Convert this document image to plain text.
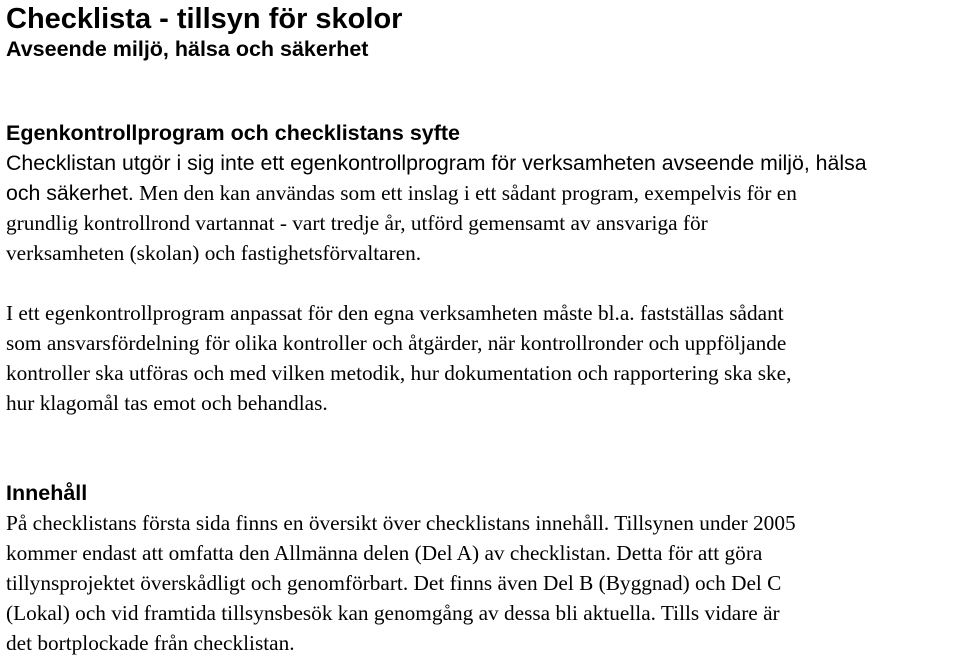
Checklista - tillsyn för skolor
Avseende miljö, hälsa och säkerhet
Egenkontrollprogram och checklistans syfte

Checklistan utgör i sig inte ett egenkontrollprogram för verksamheten avseende miljö, hälsa
och säkerhet. Men den kan användas som ett inslag i ett sådant program, exempelvis för en
grundlig kontrollrond vartannat - vart tredje år, utförd gemensamt av ansvariga för
verksamheten (skolan) och fastighetsförvaltaren.

I ett egenkontrollprogram anpassat för den egna verksamheten måste bl.a. fastställas sådant
som ansvarsfördelning för olika kontroller och åtgärder, när kontrollronder och uppföljande
kontroller ska utföras och med vilken metodik, hur dokumentation och rapportering ska ske,
hur klagomål tas emot och behandlas.

Innehåll

På checklistans första sida finns en översikt över checklistans innehåll. Tillsynen under 2005
kommer endast att omfatta den Allmänna delen (Del A) av checklistan. Detta för att göra
tillynsprojektet överskådligt och genomförbart. Det finns även Del B (Byggnad) och Del C
(Lokal) och vid framtida tillsynsbesök kan genomgång av dessa bli aktuella. Tills vidare är
det bortplockade från checklistan.
